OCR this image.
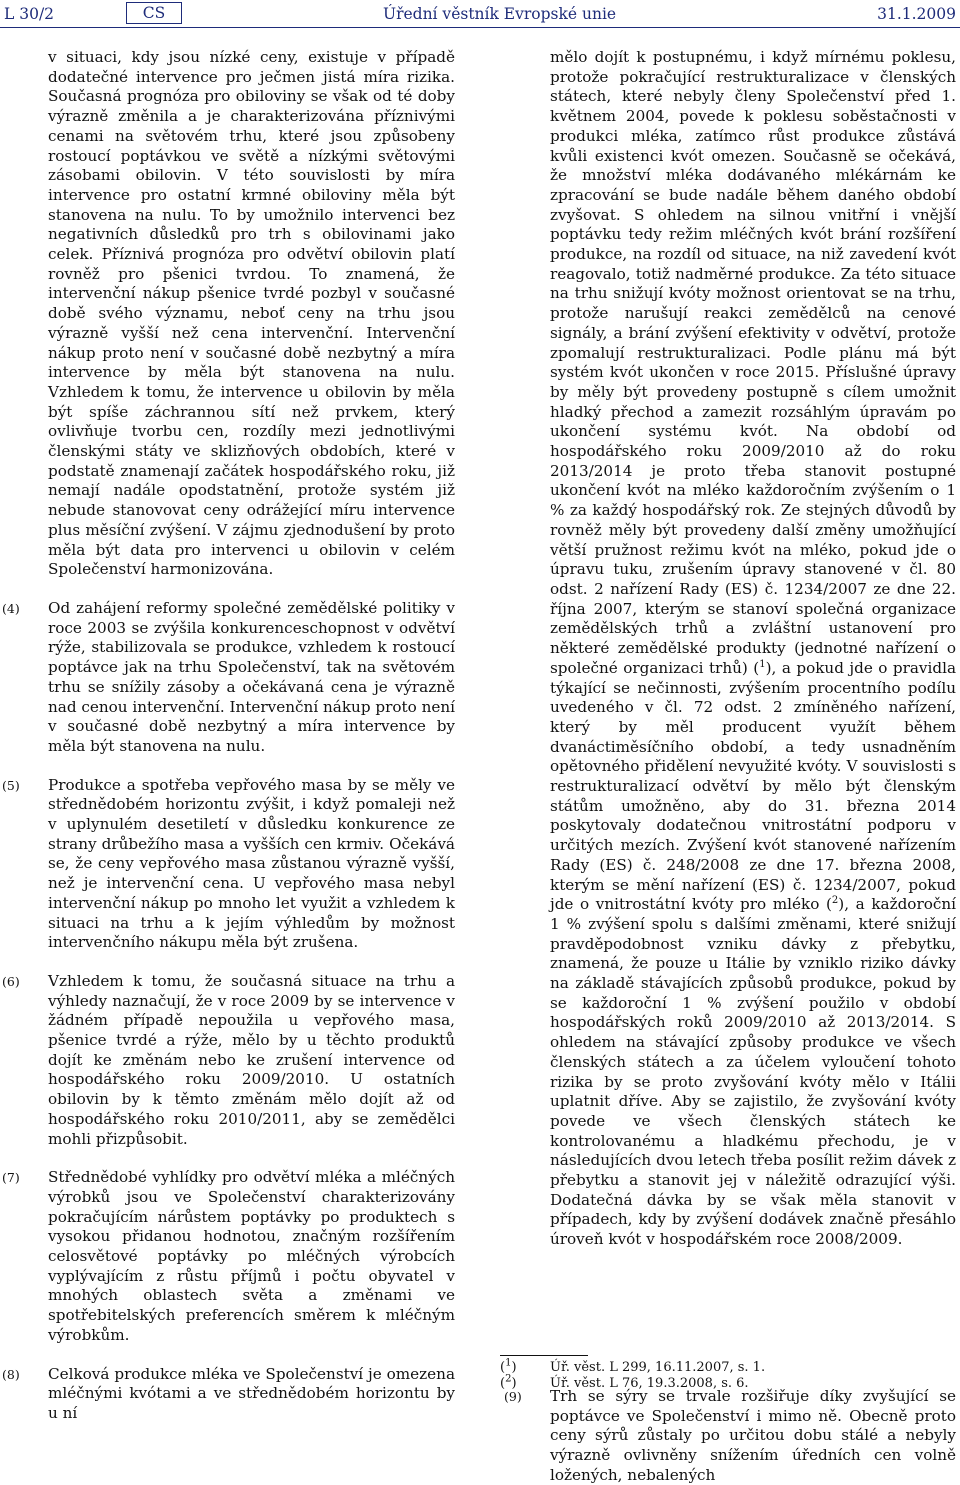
L 30/2	CS	Úřední věstník Evropské unie	31.1.2009

v situaci, kdy jsou nízké ceny, existuje v případě dodatečné intervence pro ječmen jistá míra rizika. Současná prognóza pro obiloviny se však od té doby výrazně změnila a je charakterizována příznivými cenami na světovém trhu, které jsou způsobeny rostoucí poptávkou ve světě a nízkými světovými zásobami obilovin. V této souvislosti by míra intervence pro ostatní krmné obiloviny měla být stanovena na nulu. To by umožnilo intervenci bez negativních důsledků pro trh s obilovinami jako celek. Příznivá prognóza pro odvětví obilovin platí rovněž pro pšenici tvrdou. To znamená, že intervenční nákup pšenice tvrdé pozbyl v současné době svého významu, neboť ceny na trhu jsou výrazně vyšší než cena intervenční. Intervenční nákup proto není v současné době nezbytný a míra intervence by měla být stanovena na nulu. Vzhledem k tomu, že intervence u obilovin by měla být spíše záchrannou sítí než prvkem, který ovlivňuje tvorbu cen, rozdíly mezi jednotlivými členskými státy ve sklizňových obdobích, které v podstatě znamenají začátek hospodářského roku, již nemají nadále opodstatnění, protože systém již nebude stanovovat ceny odrážející míru intervence plus měsíční zvýšení. V zájmu zjednodušení by proto měla být data pro intervenci u obilovin v celém Společenství harmonizována.

(4) Od zahájení reformy společné zemědělské politiky v roce 2003 se zvýšila konkurenceschopnost v odvětví rýže, stabilizovala se produkce, vzhledem k rostoucí poptávce jak na trhu Společenství, tak na světovém trhu se snížily zásoby a očekávaná cena je výrazně nad cenou intervenční. Intervenční nákup proto není v současné době nezbytný a míra intervence by měla být stanovena na nulu.

(5) Produkce a spotřeba vepřového masa by se měly ve střednědobém horizontu zvýšit, i když pomaleji než v uplynulém desetiletí v důsledku konkurence ze strany drůbežího masa a vyšších cen krmiv. Očekává se, že ceny vepřového masa zůstanou výrazně vyšší, než je intervenční cena. U vepřového masa nebyl intervenční nákup po mnoho let využit a vzhledem k situaci na trhu a k jejím výhledům by možnost intervenčního nákupu měla být zrušena.

(6) Vzhledem k tomu, že současná situace na trhu a výhledy naznačují, že v roce 2009 by se intervence v žádném případě nepoužila u vepřového masa, pšenice tvrdé a rýže, mělo by u těchto produktů dojít ke změnám nebo ke zrušení intervence od hospodářského roku 2009/2010. U ostatních obilovin by k těmto změnám mělo dojít až od hospodářského roku 2010/2011, aby se zemědělci mohli přizpůsobit.

(7) Střednědobé vyhlídky pro odvětví mléka a mléčných výrobků jsou ve Společenství charakterizovány pokračujícím nárůstem poptávky po produktech s vysokou přidanou hodnotou, značným rozšířením celosvětové poptávky po mléčných výrobcích vyplývajícím z růstu příjmů i počtu obyvatel v mnohých oblastech světa a změnami ve spotřebitelských preferencích směrem k mléčným výrobkům.

(8) Celková produkce mléka ve Společenství je omezena mléčnými kvótami a ve střednědobém horizontu by u ní

mělo dojít k postupnému, i když mírnému poklesu, protože pokračující restrukturalizace v členských státech, které nebyly členy Společenství před 1. květnem 2004, povede k poklesu soběstačnosti v produkci mléka, zatímco růst produkce zůstává kvůli existenci kvót omezen. Současně se očekává, že množství mléka dodávaného mlékárnám ke zpracování se bude nadále během daného období zvyšovat. S ohledem na silnou vnitřní i vnější poptávku tedy režim mléčných kvót brání rozšíření produkce, na rozdíl od situace, na niž zavedení kvót reagovalo, totiž nadměrné produkce. Za této situace na trhu snižují kvóty možnost orientovat se na trhu, protože narušují reakci zemědělců na cenové signály, a brání zvýšení efektivity v odvětví, protože zpomalují restrukturalizaci. Podle plánu má být systém kvót ukončen v roce 2015. Příslušné úpravy by měly být provedeny postupně s cílem umožnit hladký přechod a zamezit rozsáhlým úpravám po ukončení systému kvót. Na období od hospodářského roku 2009/2010 až do roku 2013/2014 je proto třeba stanovit postupné ukončení kvót na mléko každoročním zvýšením o 1 % za každý hospodářský rok. Ze stejných důvodů by rovněž měly být provedeny další změny umožňující větší pružnost režimu kvót na mléko, pokud jde o úpravu tuku, zrušením úpravy stanovené v čl. 80 odst. 2 nařízení Rady (ES) č. 1234/2007 ze dne 22. října 2007, kterým se stanoví společná organizace zemědělských trhů a zvláštní ustanovení pro některé zemědělské produkty (jednotné nařízení o společné organizaci trhů) ($^1$), a pokud jde o pravidla týkající se nečinnosti, zvýšením procentního podílu uvedeného v čl. 72 odst. 2 zmíněného nařízení, který by měl producent využít během dvanáctiměsíčního období, a tedy usnadněním opětovného přidělení nevyužité kvóty. V souvislosti s restrukturalizací odvětví by mělo být členským státům umožněno, aby do 31. března 2014 poskytovaly dodatečnou vnitrostátní podporu v určitých mezích. Zvýšení kvót stanovené nařízením Rady (ES) č. 248/2008 ze dne 17. března 2008, kterým se mění nařízení (ES) č. 1234/2007, pokud jde o vnitrostátní kvóty pro mléko ($^2$), a každoroční 1 % zvýšení spolu s dalšími změnami, které snižují pravděpodobnost vzniku dávky z přebytku, znamená, že pouze u Itálie by vzniklo riziko dávky na základě stávajících způsobů produkce, pokud by se každoroční 1 % zvýšení použilo v období hospodářských roků 2009/2010 až 2013/2014. S ohledem na stávající způsoby produkce ve všech členských státech a za účelem vyloučení tohoto rizika by se proto zvyšování kvóty mělo v Itálii uplatnit dříve. Aby se zajistilo, že zvyšování kvóty povede ve všech členských státech ke kontrolovanému a hladkému přechodu, je v následujících dvou letech třeba posílit režim dávek z přebytku a stanovit jej v náležitě odrazující výši. Dodatečná dávka by se však měla stanovit v případech, kdy by zvýšení dodávek značně přesáhlo úroveň kvót v hospodářském roce 2008/2009.

(9) Trh se sýry se trvale rozšiřuje díky zvyšující se poptávce ve Společenství i mimo ně. Obecně proto ceny sýrů zůstaly po určitou dobu stálé a nebyly výrazně ovlivněny snížením úředních cen volně ložených, nebalených

($^1$)	Úř. věst. L 299, 16.11.2007, s. 1.
($^2$)	Úř. věst. L 76, 19.3.2008, s. 6.
